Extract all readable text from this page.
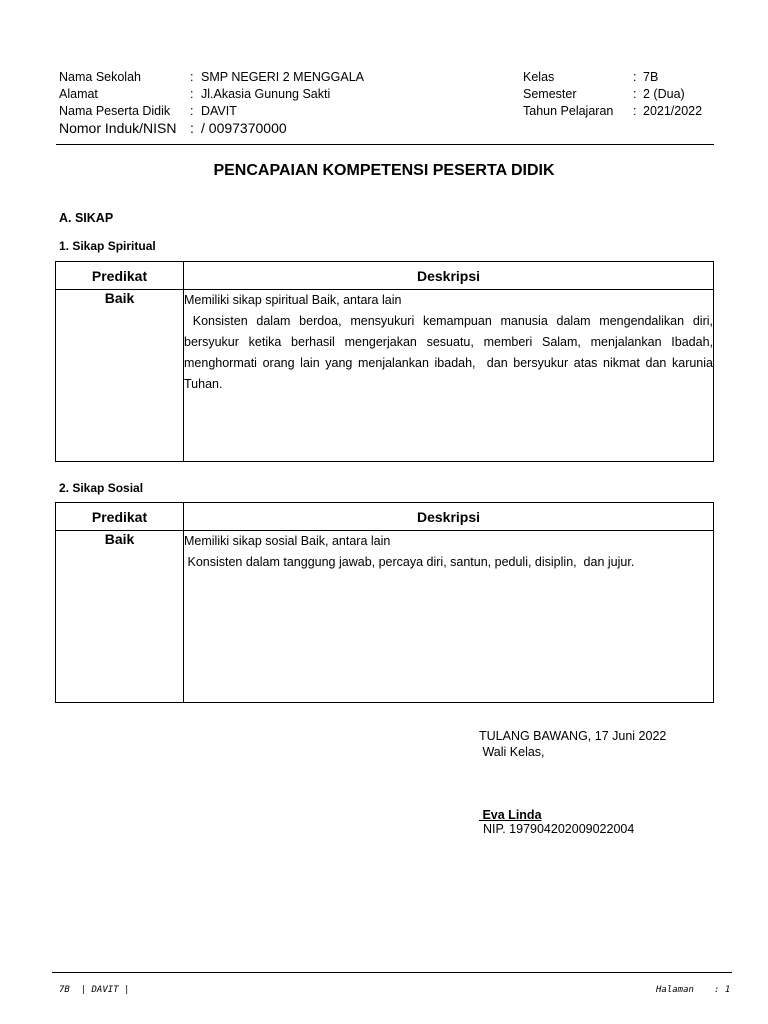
Nama Sekolah	: SMP NEGERI 2 MENGGALA
Alamat	: Jl.Akasia Gunung Sakti
Nama Peserta Didik : DAVIT
Nomor Induk/NISN : / 0097370000
Kelas	: 7B
Semester	: 2 (Dua)
Tahun Pelajaran : 2021/2022
PENCAPAIAN KOMPETENSI PESERTA DIDIK
A. SIKAP
1. Sikap Spiritual
Predikat	Deskripsi
Baik	Memiliki sikap spiritual Baik, antara lain

Konsisten dalam berdoa, mensyukuri kemampuan manusia dalam mengendalikan diri, bersyukur ketika berhasil mengerjakan sesuatu, memberi Salam, menjalankan Ibadah, menghormati orang lain yang menjalankan ibadah,  dan bersyukur atas nikmat dan karunia Tuhan.

2. Sikap Sosial
Predikat	Deskripsi
Baik	Memiliki sikap sosial Baik, antara lain

Konsisten dalam tanggung jawab, percaya diri, santun, peduli, disiplin,  dan jujur.

TULANG BAWANG, 17 Juni 2022
Wali Kelas,
Eva Linda
NIP. 197904202009022004
7B  | DAVIT |	Halaman : 1
